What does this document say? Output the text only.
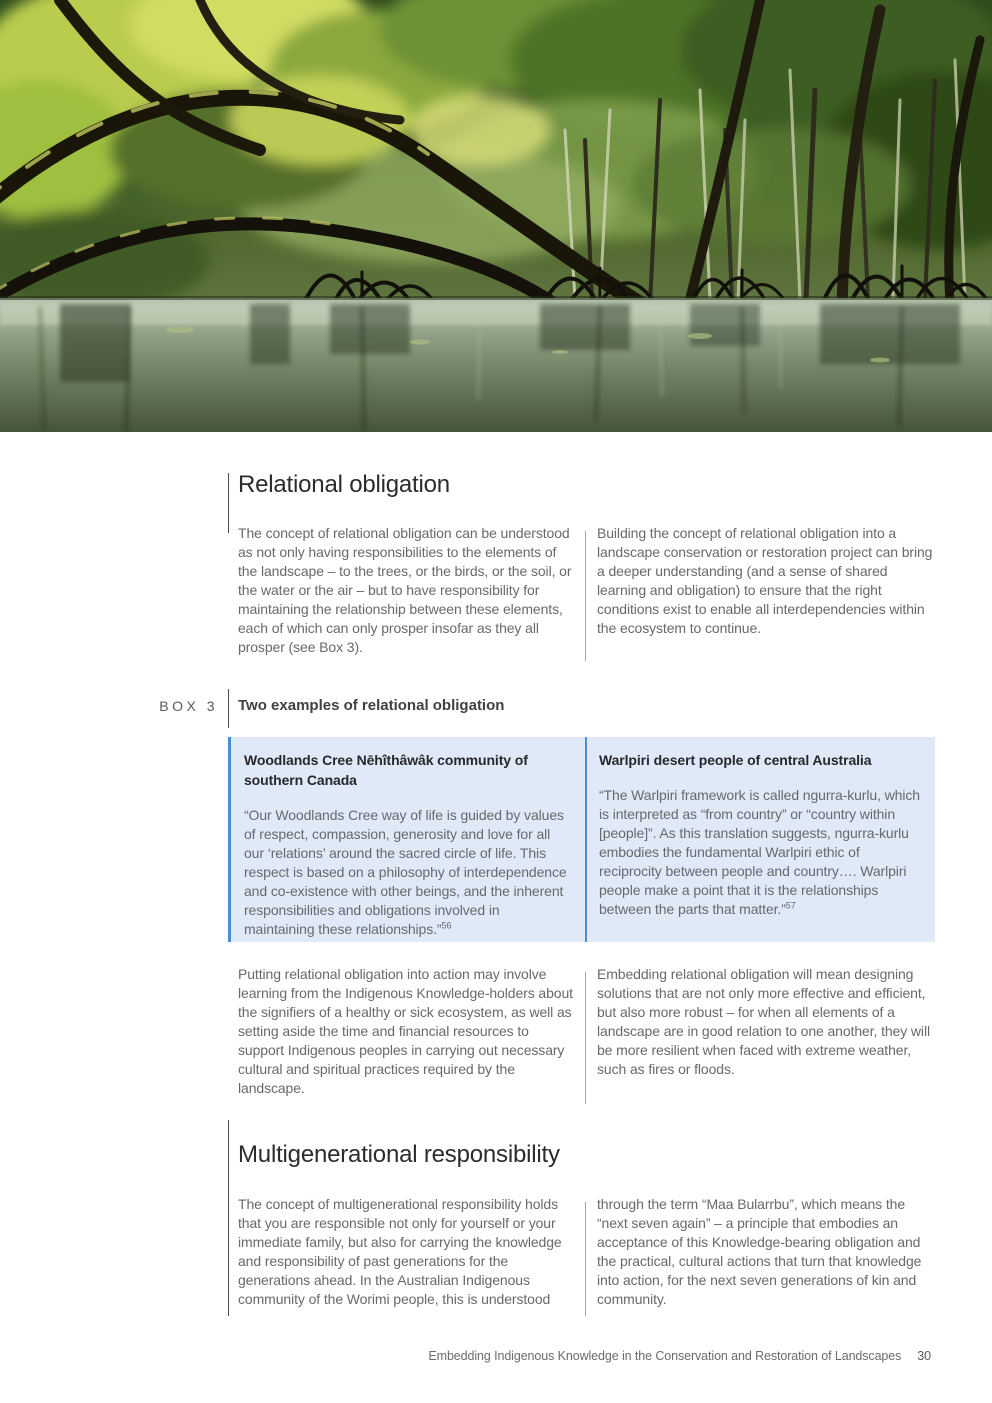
Relational obligation
The concept of relational obligation can be understood as not only having responsibilities to the elements of the landscape – to the trees, or the birds, or the soil, or the water or the air – but to have responsibility for maintaining the relationship between these elements, each of which can only prosper insofar as they all prosper (see Box 3).
Building the concept of relational obligation into a landscape conservation or restoration project can bring a deeper understanding (and a sense of shared learning and obligation) to ensure that the right conditions exist to enable all interdependencies within the ecosystem to continue.
BOX 3 Two examples of relational obligation
Woodlands Cree Nēhîthâwâk community of southern Canada

“Our Woodlands Cree way of life is guided by values of respect, compassion, generosity and love for all our ‘relations’ around the sacred circle of life. This respect is based on a philosophy of interdependence and co-existence with other beings, and the inherent responsibilities and obligations involved in maintaining these relationships.”$^{56}$

Warlpiri desert people of central Australia

“The Warlpiri framework is called ngurra-kurlu, which is interpreted as “from country” or “country within [people]”. As this translation suggests, ngurra-kurlu embodies the fundamental Warlpiri ethic of reciprocity between people and country…. Warlpiri people make a point that it is the relationships between the parts that matter.”$^{57}$

Putting relational obligation into action may involve learning from the Indigenous Knowledge-holders about the signifiers of a healthy or sick ecosystem, as well as setting aside the time and financial resources to support Indigenous peoples in carrying out necessary cultural and spiritual practices required by the landscape.
Embedding relational obligation will mean designing solutions that are not only more effective and efficient, but also more robust – for when all elements of a landscape are in good relation to one another, they will be more resilient when faced with extreme weather, such as fires or floods.
Multigenerational responsibility
The concept of multigenerational responsibility holds that you are responsible not only for yourself or your immediate family, but also for carrying the knowledge and responsibility of past generations for the generations ahead. In the Australian Indigenous community of the Worimi people, this is understood
through the term “Maa Bularrbu”, which means the “next seven again” – a principle that embodies an acceptance of this Knowledge-bearing obligation and the practical, cultural actions that turn that knowledge into action, for the next seven generations of kin and community.
Embedding Indigenous Knowledge in the Conservation and Restoration of Landscapes 30
